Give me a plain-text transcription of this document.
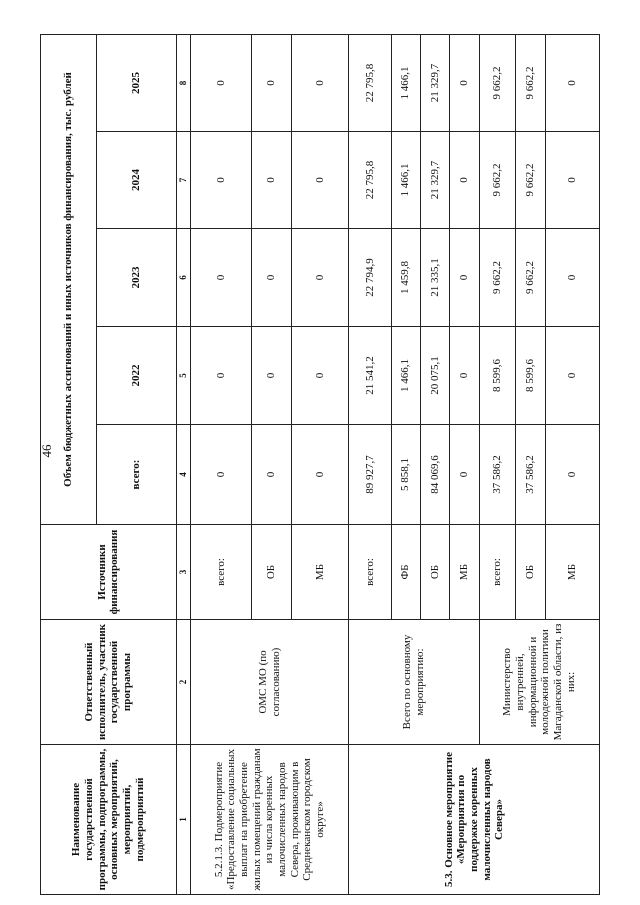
46
Наименование государственной программы, подпрограммы, основных мероприятий, мероприятий, подмероприятий	Ответственный исполнитель, участник государственной программы	Источники финансирования	Объем бюджетных ассигнований и иных источников финансирования, тыс. рублей				
			всего:	2022	2023	2024	2025
1	2	3	4	5	6	7	8
5.2.1.3. Подмероприятие «Предоставление социальных выплат на приобретение жилых помещений гражданам из числа коренных малочисленных народов Севера, проживающим в Среднеканском городском округе»	ОМС МО (по согласованию)	всего:	0	0	0	0	0
		ОБ	0	0	0	0	0
		МБ	0	0	0	0	0
5.3. Основное мероприятие «Мероприятия по поддержке коренных малочисленных народов Севера»	Всего по основному мероприятию:	всего:	89 927,7	21 541,2	22 794,9	22 795,8	22 795,8
		ФБ	5 858,1	1 466,1	1 459,8	1 466,1	1 466,1
		ОБ	84 069,6	20 075,1	21 335,1	21 329,7	21 329,7
		МБ	0	0	0	0	0
	Министерство внутренней, информационной и молодежной политики Магаданской области, из них:	всего:	37 586,2	8 599,6	9 662,2	9 662,2	9 662,2
		ОБ	37 586,2	8 599,6	9 662,2	9 662,2	9 662,2
		МБ	0	0	0	0	0
